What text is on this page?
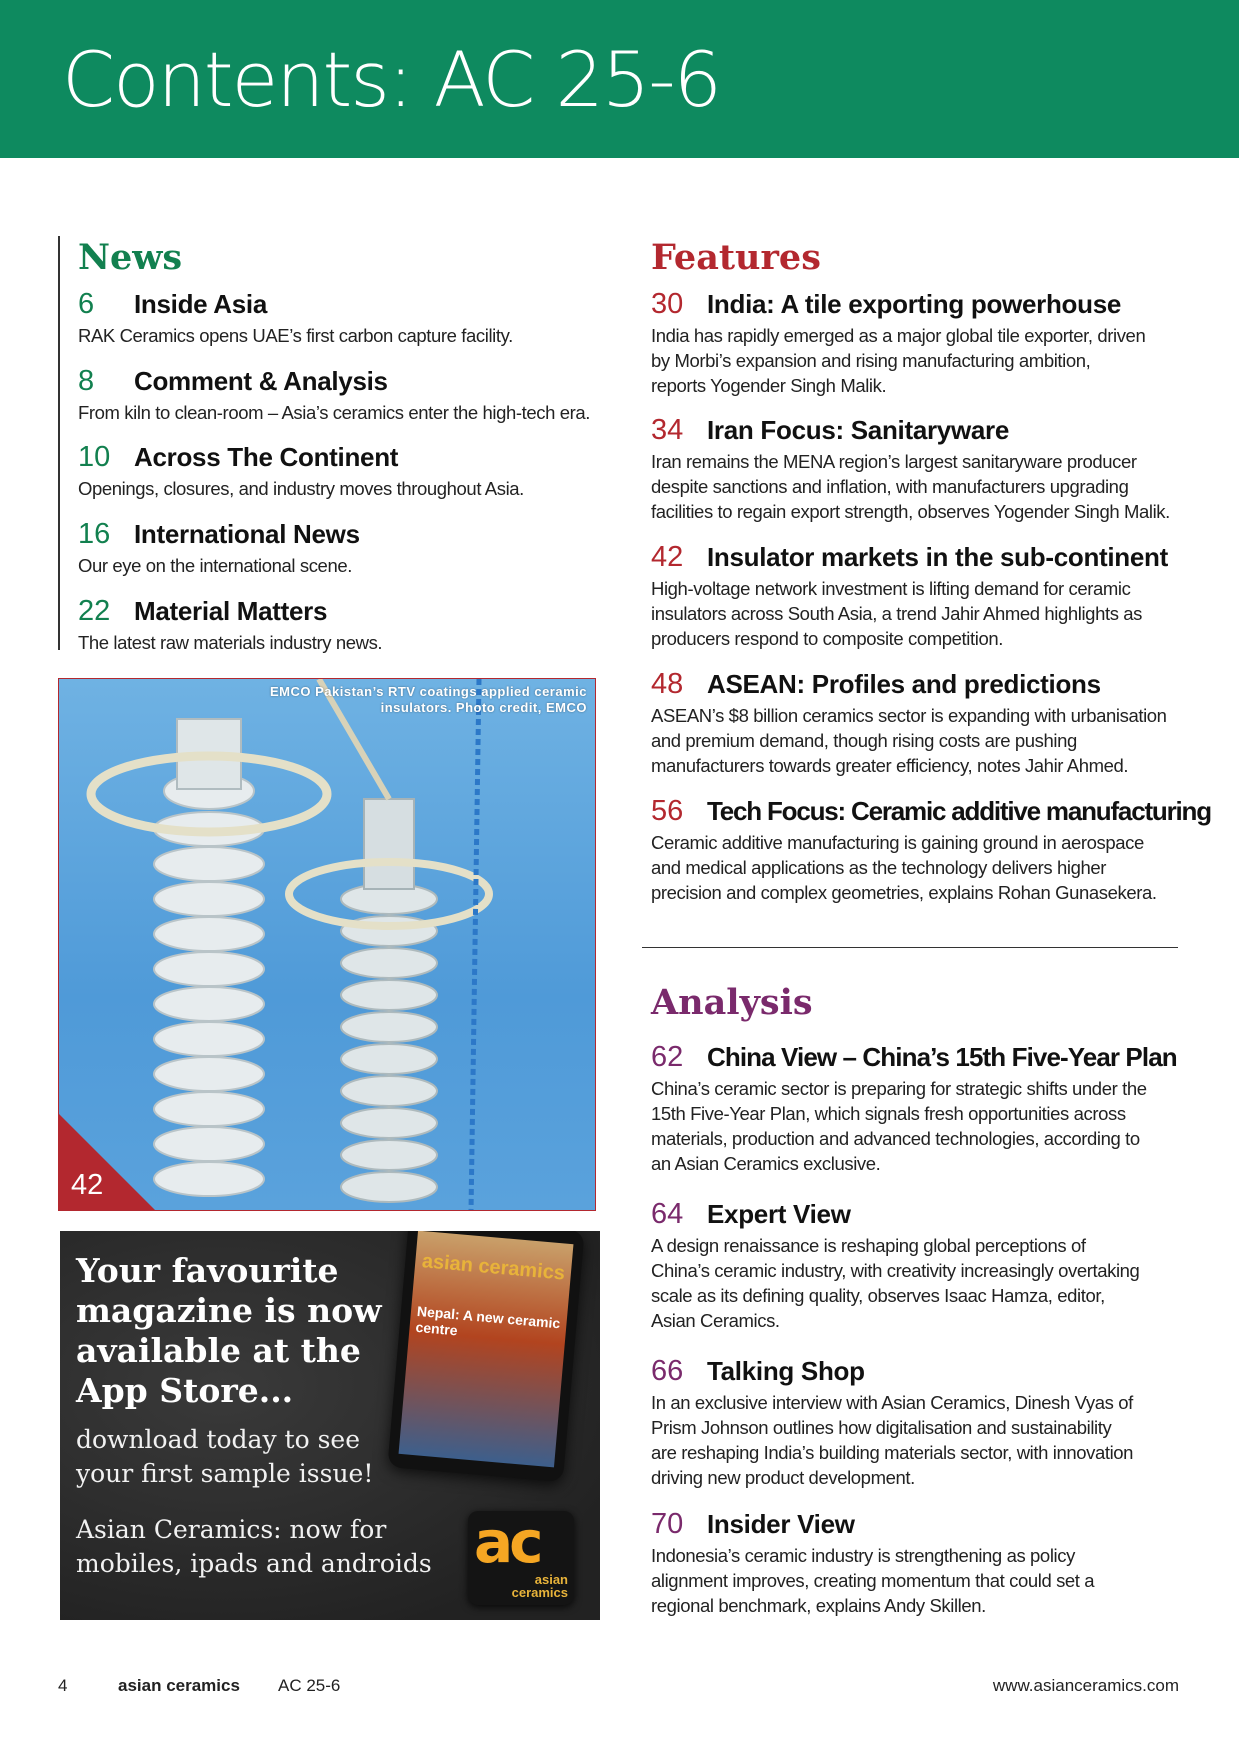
Contents: AC 25-6
News
6	Inside Asia
RAK Ceramics opens UAE’s first carbon capture facility.
8	Comment & Analysis
From kiln to clean-room – Asia’s ceramics enter the high-tech era.
10 Across The Continent
Openings, closures, and industry moves throughout Asia.
16 International News
Our eye on the international scene.
22 Material Matters
The latest raw materials industry news.
EMCO Pakistan’s RTV coatings applied ceramic
insulators. Photo credit, EMCO
42
Your favourite magazine is now available at the App Store...
download today to see your first sample issue!
Asian Ceramics: now for mobiles, ipads and androids
asian ceramics
Nepal: A new ceramic centre
ac
asian
ceramics
Features
30 India: A tile exporting powerhouse
India has rapidly emerged as a major global tile exporter, driven
by Morbi’s expansion and rising manufacturing ambition,
reports Yogender Singh Malik.
34 Iran Focus: Sanitaryware
Iran remains the MENA region’s largest sanitaryware producer
despite sanctions and inflation, with manufacturers upgrading
facilities to regain export strength, observes Yogender Singh Malik.
42 Insulator markets in the sub-continent
High-voltage network investment is lifting demand for ceramic
insulators across South Asia, a trend Jahir Ahmed highlights as
producers respond to composite competition.
48 ASEAN: Profiles and predictions
ASEAN’s $8 billion ceramics sector is expanding with urbanisation
and premium demand, though rising costs are pushing
manufacturers towards greater efficiency, notes Jahir Ahmed.
56 Tech Focus: Ceramic additive manufacturing
Ceramic additive manufacturing is gaining ground in aerospace
and medical applications as the technology delivers higher
precision and complex geometries, explains Rohan Gunasekera.
Analysis
62 China View – China’s 15th Five-Year Plan
China’s ceramic sector is preparing for strategic shifts under the
15th Five-Year Plan, which signals fresh opportunities across
materials, production and advanced technologies, according to
an Asian Ceramics exclusive.
64 Expert View
A design renaissance is reshaping global perceptions of
China’s ceramic industry, with creativity increasingly overtaking
scale as its defining quality, observes Isaac Hamza, editor,
Asian Ceramics.
66 Talking Shop
In an exclusive interview with Asian Ceramics, Dinesh Vyas of
Prism Johnson outlines how digitalisation and sustainability
are reshaping India’s building materials sector, with innovation
driving new product development.
70 Insider View
Indonesia’s ceramic industry is strengthening as policy
alignment improves, creating momentum that could set a
regional benchmark, explains Andy Skillen.
4	asian ceramics AC 25-6	www.asianceramics.com
